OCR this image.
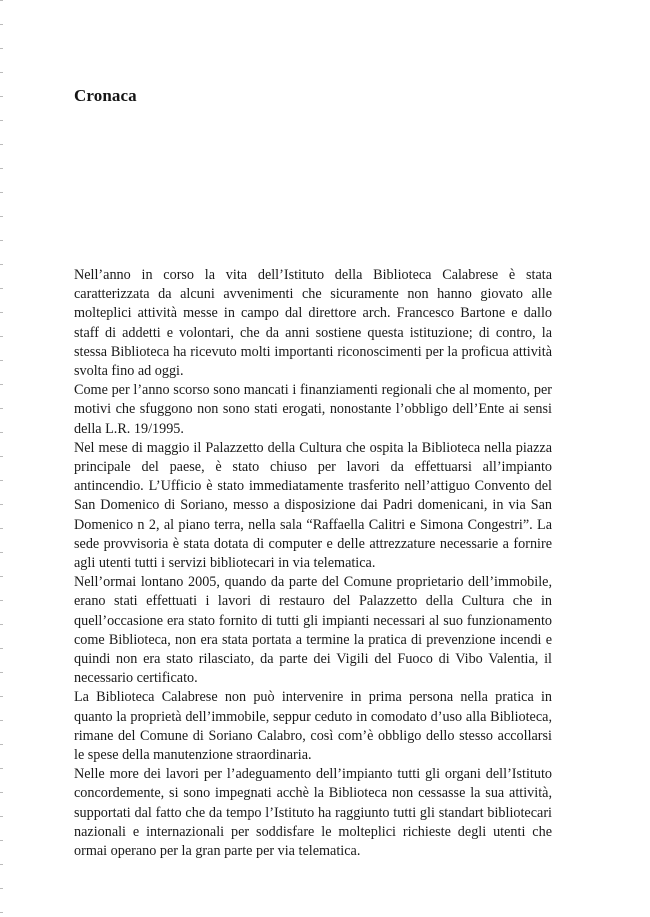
Cronaca

Nell’anno in corso la vita dell’Istituto della Biblioteca Calabrese è stata caratterizzata da alcuni avvenimenti che sicuramente non hanno giovato alle molteplici attività messe in campo dal direttore arch. Francesco Bartone e dallo staff di addetti e volontari, che da anni sostiene questa istituzione; di contro, la stessa Biblioteca ha ricevuto molti importanti riconoscimenti per la proficua attività svolta fino ad oggi.

Come per l’anno scorso sono mancati i finanziamenti regionali che al momento, per motivi che sfuggono non sono stati erogati, nonostante l’obbligo dell’Ente ai sensi della L.R. 19/1995.

Nel mese di maggio il Palazzetto della Cultura che ospita la Biblioteca nella piazza principale del paese, è stato chiuso per lavori da effettuarsi all’impianto antincendio. L’Ufficio è stato immediatamente trasferito nell’attiguo Convento del San Domenico di Soriano, messo a disposizione dai Padri domenicani, in via San Domenico n 2, al piano terra, nella sala “Raffaella Calitri e Simona Congestri”. La sede provvisoria è stata dotata di computer e delle attrezzature necessarie a fornire agli utenti tutti i servizi bibliotecari in via telematica.

Nell’ormai lontano 2005, quando da parte del Comune proprietario dell’immobile, erano stati effettuati i lavori di restauro del Palazzetto della Cultura che in quell’occasione era stato fornito di tutti gli impianti necessari al suo funzionamento come Biblioteca, non era stata portata a termine la pratica di prevenzione incendi e quindi non era stato rilasciato, da parte dei Vigili del Fuoco di Vibo Valentia, il necessario certificato.

La Biblioteca Calabrese non può intervenire in prima persona nella pratica in quanto la proprietà dell’immobile, seppur ceduto in comodato d’uso alla Biblioteca, rimane del Comune di Soriano Calabro, così com’è obbligo dello stesso accollarsi le spese della manutenzione straordinaria.

Nelle more dei lavori per l’adeguamento dell’impianto tutti gli organi dell’Istituto concordemente, si sono impegnati acchè la Biblioteca non cessasse la sua attività, supportati dal fatto che da tempo l’Istituto ha raggiunto tutti gli standart bibliotecari nazionali e internazionali per soddisfare le molteplici richieste degli utenti che ormai operano per la gran parte per via telematica.
